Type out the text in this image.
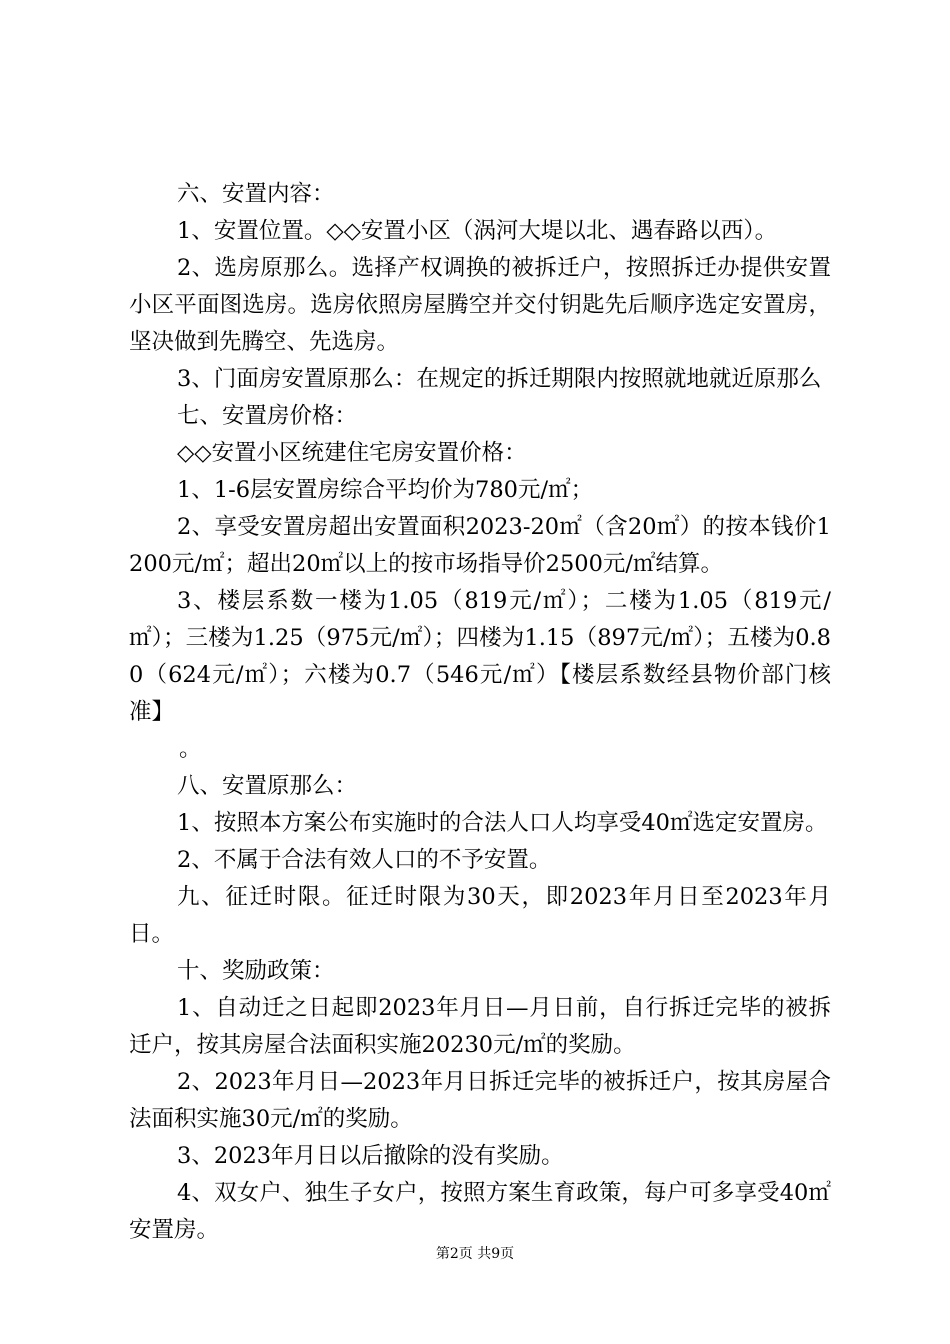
六、安置内容：

1、安置位置。◇◇安置小区（涡河大堤以北、遇春路以西）。

2、选房原那么。选择产权调换的被拆迁户，按照拆迁办提供安置小区平面图选房。选房依照房屋腾空并交付钥匙先后顺序选定安置房，坚决做到先腾空、先选房。

3、门面房安置原那么：在规定的拆迁期限内按照就地就近原那么

七、安置房价格：

◇◇安置小区统建住宅房安置价格：

1、1-6层安置房综合平均价为780元/㎡；

2、享受安置房超出安置面积2023-20㎡（含20㎡）的按本钱价1200元/㎡；超出20㎡以上的按市场指导价2500元/㎡结算。

3、楼层系数一楼为1.05（819元/㎡）；二楼为1.05（819元/㎡）；三楼为1.25（975元/㎡）；四楼为1.15（897元/㎡）；五楼为0.80（624元/㎡）；六楼为0.7（546元/㎡）【楼层系数经县物价部门核准】

。

八、安置原那么：

1、按照本方案公布实施时的合法人口人均享受40㎡选定安置房。

2、不属于合法有效人口的不予安置。

九、征迁时限。征迁时限为30天，即2023年月日至2023年月日。

十、奖励政策：

1、自动迁之日起即2023年月日—月日前，自行拆迁完毕的被拆迁户，按其房屋合法面积实施20230元/㎡的奖励。

2、2023年月日—2023年月日拆迁完毕的被拆迁户，按其房屋合法面积实施30元/㎡的奖励。

3、2023年月日以后撤除的没有奖励。

4、双女户、独生子女户，按照方案生育政策，每户可多享受40㎡安置房。

第2页 共9页
